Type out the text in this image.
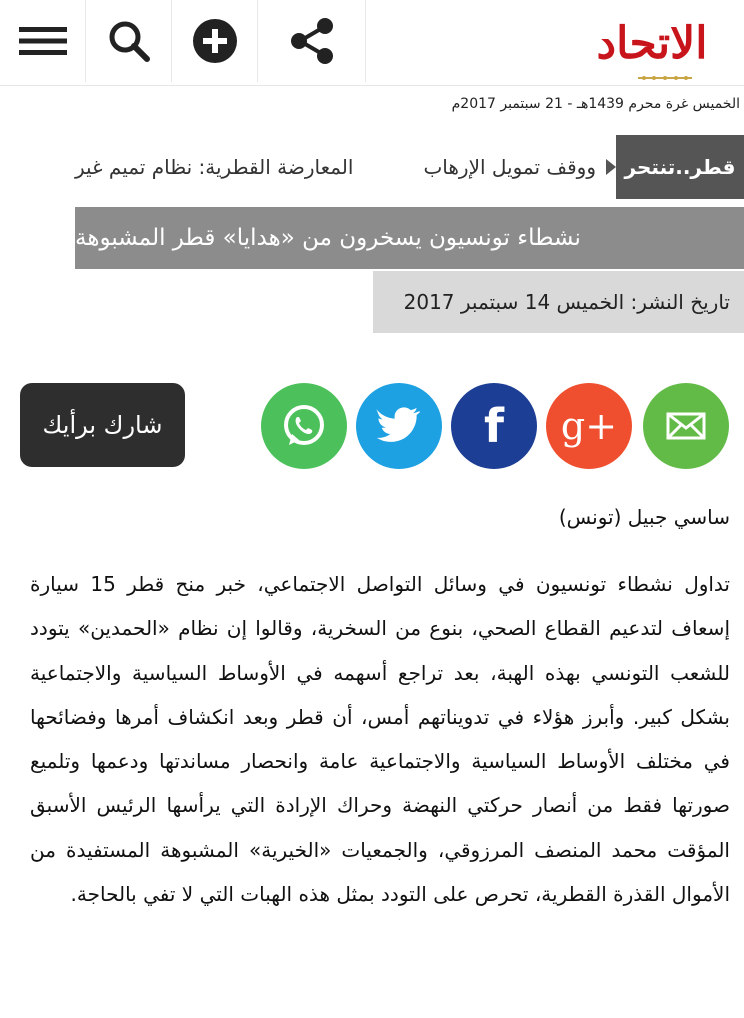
الاتحاد
الخميس غرة محرم 1439هـ - 21 سبتمبر 2017م
قطر..تنتحر
ووقف تمويل الإرهابالمعارضة القطرية: نظام تميم غير
نشطاء تونسيون يسخرون من «هدايا» قطر المشبوهة
تاريخ النشر: الخميس 14 سبتمبر 2017
f g+
شارك برأيك
ساسي جبيل (تونس)
تداول نشطاء تونسيون في وسائل التواصل الاجتماعي، خبر منح قطر 15 سيارة إسعاف لتدعيم القطاع الصحي، بنوع من السخرية، وقالوا إن نظام «الحمدين» يتودد للشعب التونسي بهذه الهبة، بعد تراجع أسهمه في الأوساط السياسية والاجتماعية بشكل كبير. وأبرز هؤلاء في تدويناتهم أمس، أن قطر وبعد انكشاف أمرها وفضائحها في مختلف الأوساط السياسية والاجتماعية عامة وانحصار مساندتها ودعمها وتلميع صورتها فقط من أنصار حركتي النهضة وحراك الإرادة التي يرأسها الرئيس الأسبق المؤقت محمد المنصف المرزوقي، والجمعيات «الخيرية» المشبوهة المستفيدة من الأموال القذرة القطرية، تحرص على التودد بمثل هذه الهبات التي لا تفي بالحاجة.
